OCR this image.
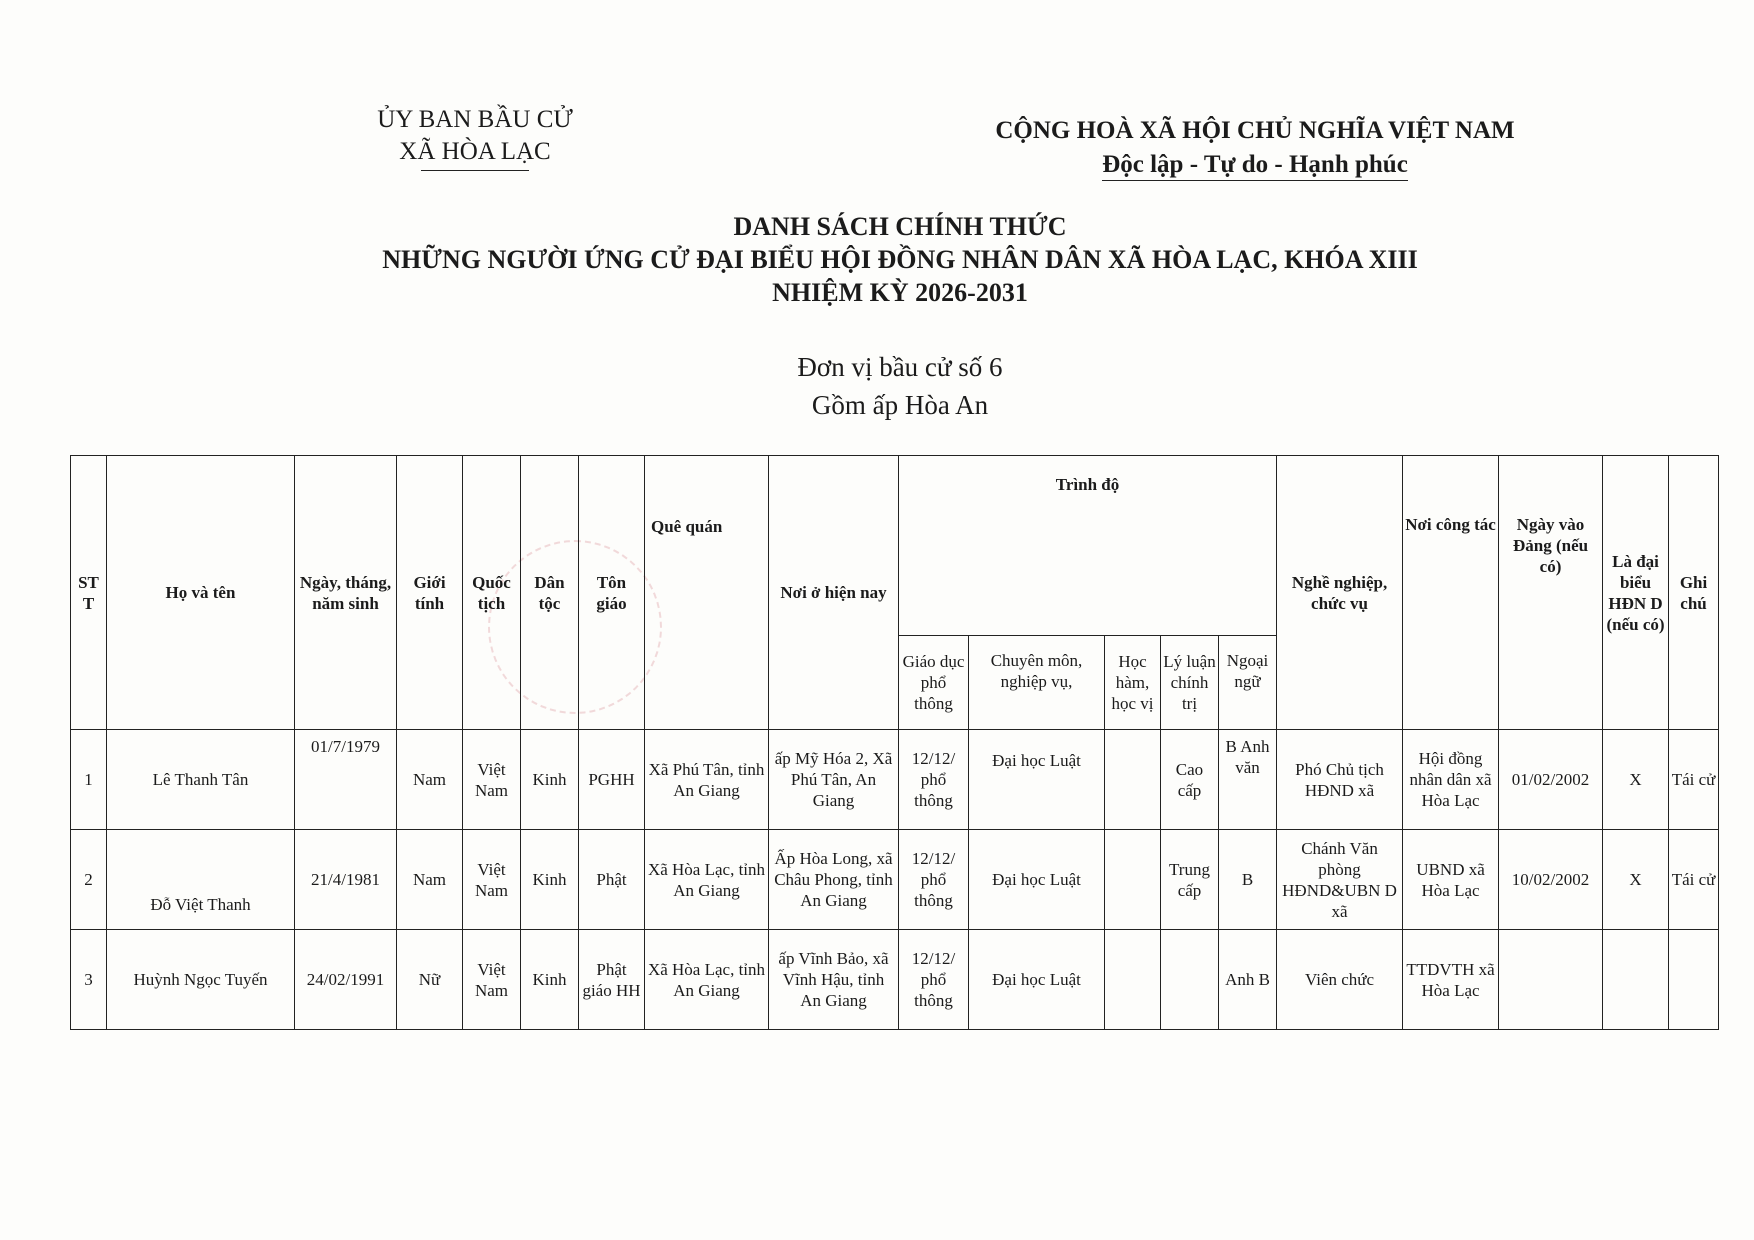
ỦY BAN BẦU CỬ
XÃ HÒA LẠC
CỘNG HOÀ XÃ HỘI CHỦ NGHĨA VIỆT NAM
Độc lập - Tự do - Hạnh phúc
DANH SÁCH CHÍNH THỨC
NHỮNG NGƯỜI ỨNG CỬ ĐẠI BIỂU HỘI ĐỒNG NHÂN DÂN XÃ HÒA LẠC, KHÓA XIII
NHIỆM KỲ 2026-2031
Đơn vị bầu cử số 6
Gồm ấp Hòa An
ST T	Họ và tên	Ngày, tháng, năm sinh	Giới tính	Quốc tịch	Dân tộc	Tôn giáo	Quê quán	Nơi ở hiện nay	Trình độ					Nghề nghiệp, chức vụ	Nơi công tác	Ngày vào Đảng (nếu có)	Là đại biểu HĐN D (nếu có)	Ghi chú
									Giáo dục phổ thông	Chuyên môn, nghiệp vụ,	Học hàm, học vị	Lý luận chính trị	Ngoại ngữ					
1	Lê Thanh Tân	01/7/1979	Nam	Việt Nam	Kinh	PGHH	Xã Phú Tân, tỉnh An Giang	ấp Mỹ Hóa 2, Xã Phú Tân, An Giang	12/12/ phổ thông	Đại học Luật		Cao cấp	B Anh văn	Phó Chủ tịch HĐND xã	Hội đồng nhân dân xã Hòa Lạc	01/02/2002	X	Tái cử
2	Đỗ Việt Thanh	21/4/1981	Nam	Việt Nam	Kinh	Phật	Xã Hòa Lạc, tỉnh An Giang	Ấp Hòa Long, xã Châu Phong, tỉnh An Giang	12/12/ phổ thông	Đại học Luật		Trung cấp	B	Chánh Văn phòng HĐND&UBN D xã	UBND xã Hòa Lạc	10/02/2002	X	Tái cử
3	Huỳnh Ngọc Tuyến	24/02/1991	Nữ	Việt Nam	Kinh	Phật giáo HH	Xã Hòa Lạc, tỉnh An Giang	ấp Vĩnh Bảo, xã Vĩnh Hậu, tỉnh An Giang	12/12/ phổ thông	Đại học Luật			Anh B	Viên chức	TTDVTH xã Hòa Lạc			
